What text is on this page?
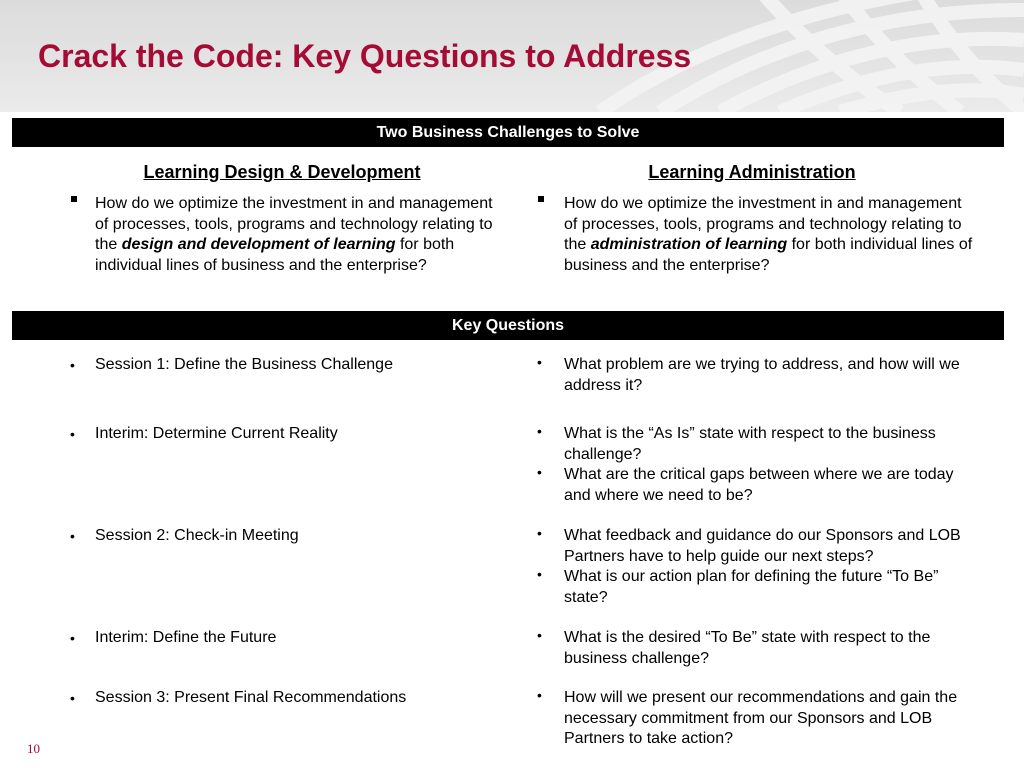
Crack the Code: Key Questions to Address
Two Business Challenges to Solve
Learning Design & Development	Learning Administration
How do we optimize the investment in and management of processes, tools, programs and technology relating to the design and development of learning for both individual lines of business and the enterprise?
How do we optimize the investment in and management of processes, tools, programs and technology relating to the administration of learning for both individual lines of business and the enterprise?
Key Questions
• Session 1: Define the Business Challenge
• Interim: Determine Current Reality
• Session 2: Check-in Meeting
• Interim: Define the Future
• Session 3: Present Final Recommendations
• What problem are we trying to address, and how will we address it?
• What is the “As Is” state with respect to the business challenge?
• What are the critical gaps between where we are today and where we need to be?
• What feedback and guidance do our Sponsors and LOB Partners have to help guide our next steps?
• What is our action plan for defining the future “To Be” state?
• What is the desired “To Be” state with respect to the business challenge?
• How will we present our recommendations and gain the necessary commitment from our Sponsors and LOB Partners to take action?
10
